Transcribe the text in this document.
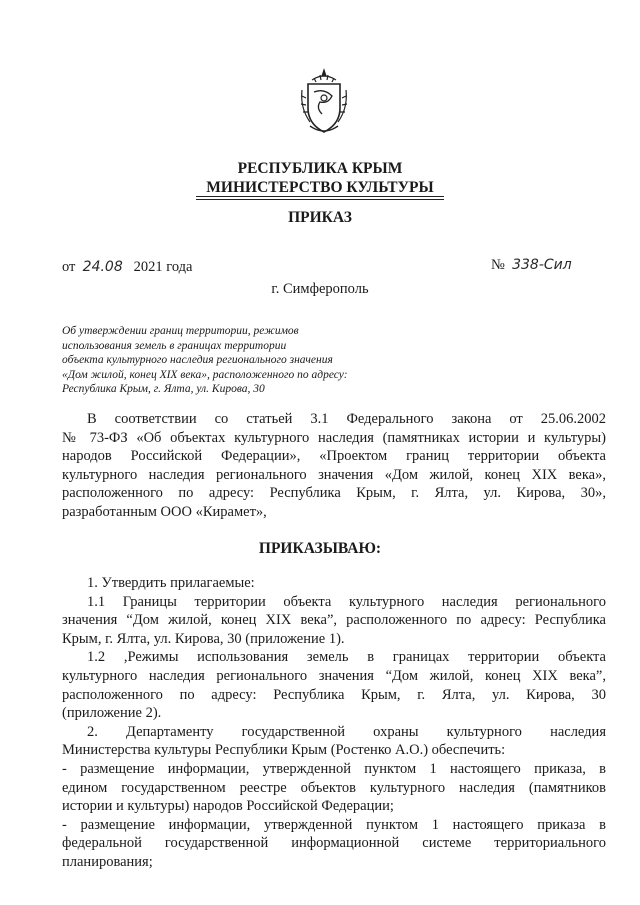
РЕСПУБЛИКА КРЫМ
МИНИСТЕРСТВО КУЛЬТУРЫ
ПРИКАЗ
от 24.08 2021 года	№ 338-Сил
г. Симферополь
Об утверждении границ территории, режимов
использования земель в границах территории
объекта культурного наследия регионального значения
«Дом жилой, конец XIX века», расположенного по адресу:
Республика Крым, г. Ялта, ул. Кирова, 30
В соответствии со статьей 3.1 Федерального закона от 25.06.2002
№ 73-ФЗ «Об объектах культурного наследия (памятниках истории и культуры)
народов Российской Федерации», «Проектом границ территории объекта
культурного наследия регионального значения «Дом жилой, конец XIX века»,
расположенного по адресу: Республика Крым, г. Ялта, ул. Кирова, 30»,
разработанным ООО «Кирамет»,
ПРИКАЗЫВАЮ:
1. Утвердить прилагаемые:
1.1 Границы территории объекта культурного наследия регионального
значения “Дом жилой, конец XIX века”, расположенного по адресу: Республика
Крым, г. Ялта, ул. Кирова, 30 (приложение 1).
1.2 ,Режимы использования земель в границах территории объекта
культурного наследия регионального значения “Дом жилой, конец XIX века”,
расположенного по адресу: Республика Крым, г. Ялта, ул. Кирова, 30
(приложение 2).
2. Департаменту государственной охраны культурного наследия
Министерства культуры Республики Крым (Ростенко А.О.) обеспечить:
- размещение информации, утвержденной пунктом 1 настоящего приказа, в
едином государственном реестре объектов культурного наследия (памятников
истории и культуры) народов Российской Федерации;
- размещение информации, утвержденной пунктом 1 настоящего приказа в
федеральной государственной информационной системе территориального
планирования;
